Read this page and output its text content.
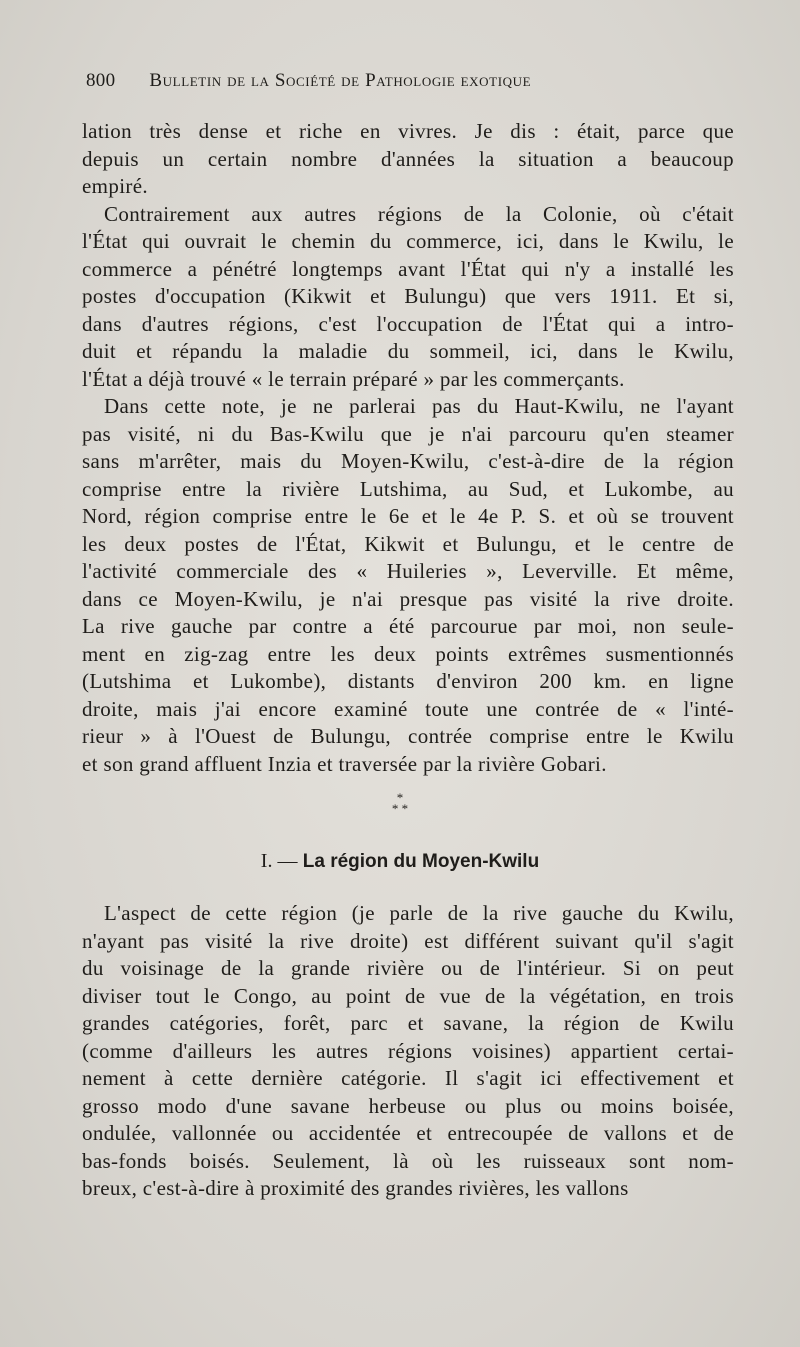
800 Bulletin de la Société de Pathologie exotique
lation très dense et riche en vivres. Je dis : était, parce que
depuis un certain nombre d'années la situation a beaucoup
empiré.
Contrairement aux autres régions de la Colonie, où c'était
l'État qui ouvrait le chemin du commerce, ici, dans le Kwilu, le
commerce a pénétré longtemps avant l'État qui n'y a installé les
postes d'occupation (Kikwit et Bulungu) que vers 1911. Et si,
dans d'autres régions, c'est l'occupation de l'État qui a intro-
duit et répandu la maladie du sommeil, ici, dans le Kwilu,
l'État a déjà trouvé « le terrain préparé » par les commerçants.
Dans cette note, je ne parlerai pas du Haut-Kwilu, ne l'ayant
pas visité, ni du Bas-Kwilu que je n'ai parcouru qu'en steamer
sans m'arrêter, mais du Moyen-Kwilu, c'est-à-dire de la région
comprise entre la rivière Lutshima, au Sud, et Lukombe, au
Nord, région comprise entre le 6e et le 4e P. S. et où se trouvent
les deux postes de l'État, Kikwit et Bulungu, et le centre de
l'activité commerciale des « Huileries », Leverville. Et même,
dans ce Moyen-Kwilu, je n'ai presque pas visité la rive droite.
La rive gauche par contre a été parcourue par moi, non seule-
ment en zig-zag entre les deux points extrêmes susmentionnés
(Lutshima et Lukombe), distants d'environ 200 km. en ligne
droite, mais j'ai encore examiné toute une contrée de « l'inté-
rieur » à l'Ouest de Bulungu, contrée comprise entre le Kwilu
et son grand affluent Inzia et traversée par la rivière Gobari.
*
* *
I. — La région du Moyen-Kwilu
L'aspect de cette région (je parle de la rive gauche du Kwilu,
n'ayant pas visité la rive droite) est différent suivant qu'il s'agit
du voisinage de la grande rivière ou de l'intérieur. Si on peut
diviser tout le Congo, au point de vue de la végétation, en trois
grandes catégories, forêt, parc et savane, la région de Kwilu
(comme d'ailleurs les autres régions voisines) appartient certai-
nement à cette dernière catégorie. Il s'agit ici effectivement et
grosso modo d'une savane herbeuse ou plus ou moins boisée,
ondulée, vallonnée ou accidentée et entrecoupée de vallons et de
bas-fonds boisés. Seulement, là où les ruisseaux sont nom-
breux, c'est-à-dire à proximité des grandes rivières, les vallons
